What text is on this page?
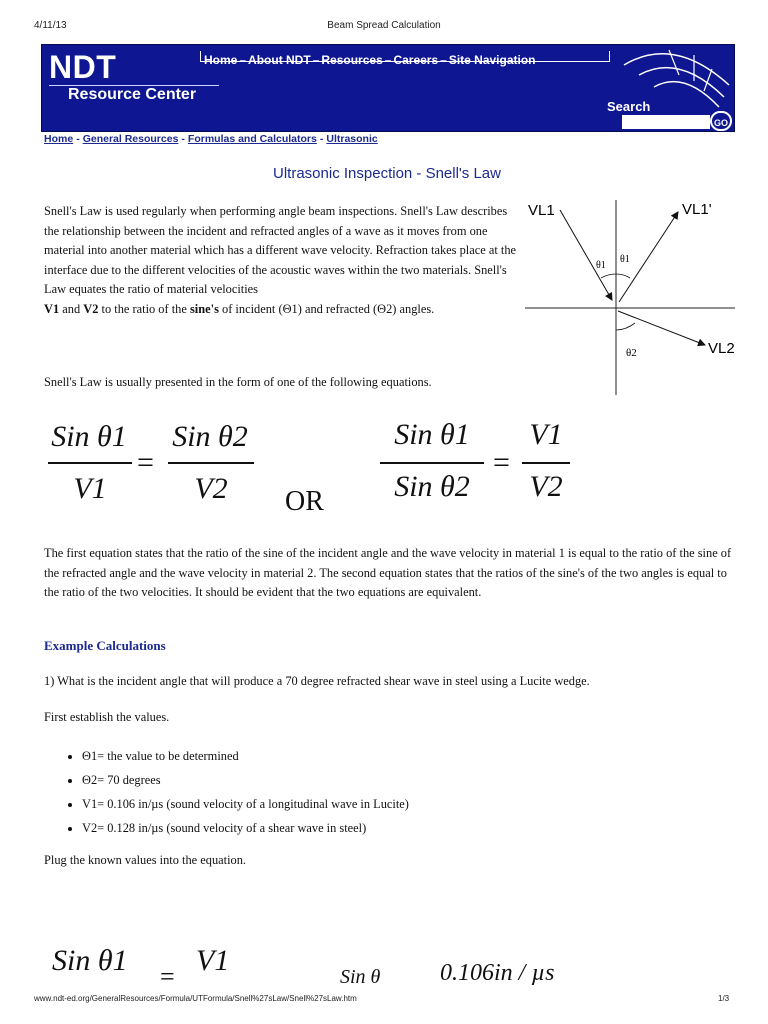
4/11/13	Beam Spread Calculation
NDT
Resource Center
Home – About NDT – Resources – Careers – Site Navigation
Search
GO
Home - General Resources - Formulas and Calculators - Ultrasonic
Ultrasonic Inspection - Snell's Law
Snell's Law is used regularly when performing angle beam inspections. Snell's Law describes the relationship between the incident and refracted angles of a wave as it moves from one material into another material which has a different wave velocity. Refraction takes place at the interface due to the different velocities of the acoustic waves within the two materials. Snell's Law equates the ratio of material velocities
V1 and V2 to the ratio of the sine's of incident (Θ1) and refracted (Θ2) angles.
VL1	VL1'
VL2
θ1
θ1
θ2
Snell's Law is usually presented in the form of one of the following equations.
Sin θ1
V1
=
Sin θ2
V2	OR
Sin θ1
Sin θ2
=
V1
V2
The first equation states that the ratio of the sine of the incident angle and the wave velocity in material 1 is equal to the ratio of the sine of the refracted angle and the wave velocity in material 2. The second equation states that the ratios of the sine's of the two angles is equal to the ratio of the two velocities. It should be evident that the two equations are equivalent.
Example Calculations
1) What is the incident angle that will produce a 70 degree refracted shear wave in steel using a Lucite wedge.
First establish the values.
• Θ1= the value to be determined
• Θ2= 70 degrees
• V1= 0.106 in/µs (sound velocity of a longitudinal wave in Lucite)
• V2= 0.128 in/µs (sound velocity of a shear wave in steel)
Plug the known values into the equation.
Sin θ1 = V1	Sin θ 0.106in / µs
www.ndt-ed.org/GeneralResources/Formula/UTFormula/Snell%27sLaw/Snell%27sLaw.htm	1/3
